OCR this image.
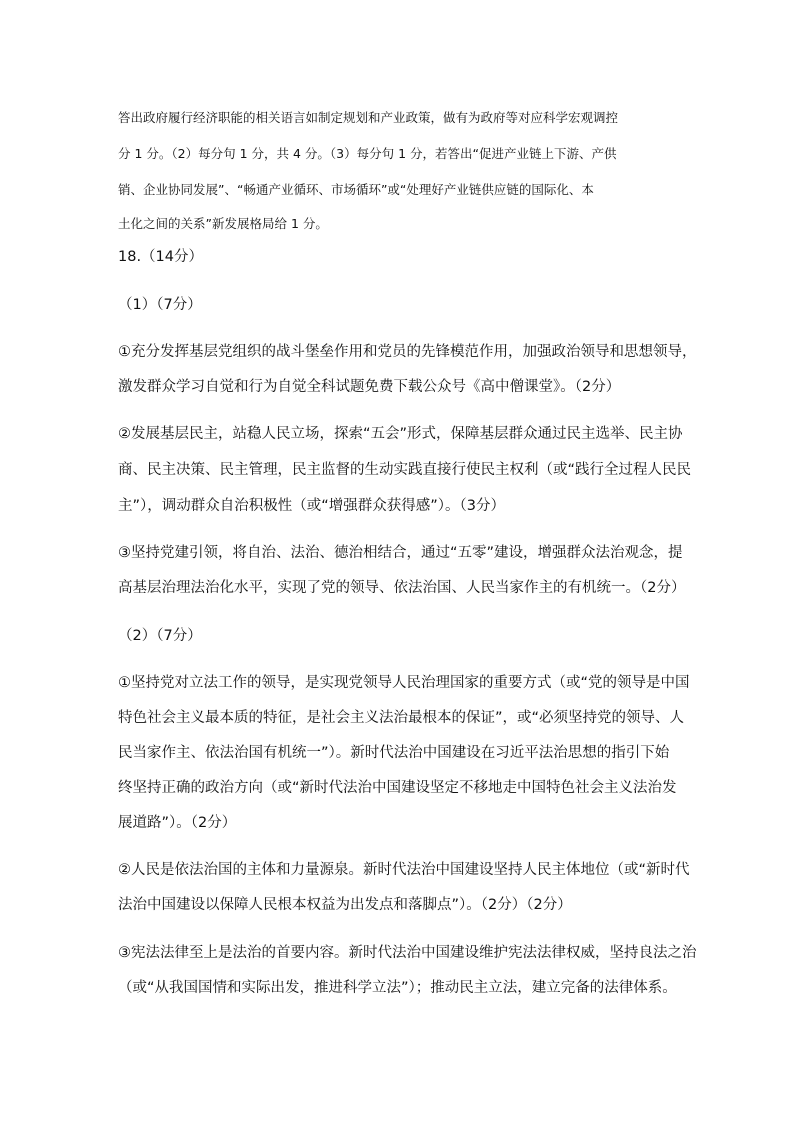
答出政府履行经济职能的相关语言如制定规划和产业政策，做有为政府等对应科学宏观调控
分 1 分。（2）每分句 1 分，共 4 分。（3）每分句 1 分，若答出“促进产业链上下游、产供
销、企业协同发展”、“畅通产业循环、市场循环”或“处理好产业链供应链的国际化、本
土化之间的关系”新发展格局给 1 分。
18.（14分）
（1）（7分）
①充分发挥基层党组织的战斗堡垒作用和党员的先锋模范作用，加强政治领导和思想领导，
激发群众学习自觉和行为自觉全科试题免费下载公众号《高中僧课堂》。（2分）
②发展基层民主，站稳人民立场，探索“五会”形式，保障基层群众通过民主选举、民主协
商、民主决策、民主管理，民主监督的生动实践直接行使民主权利（或“践行全过程人民民
主”），调动群众自治积极性（或“增强群众获得感”）。（3分）
③坚持党建引领，将自治、法治、德治相结合，通过“五零”建设，增强群众法治观念，提
高基层治理法治化水平，实现了党的领导、依法治国、人民当家作主的有机统一。（2分）
（2）（7分）
①坚持党对立法工作的领导，是实现党领导人民治理国家的重要方式（或“党的领导是中国
特色社会主义最本质的特征，是社会主义法治最根本的保证”，或“必须坚持党的领导、人
民当家作主、依法治国有机统一”）。新时代法治中国建设在习近平法治思想的指引下始
终坚持正确的政治方向（或“新时代法治中国建设坚定不移地走中国特色社会主义法治发
展道路”）。（2分）
②人民是依法治国的主体和力量源泉。新时代法治中国建设坚持人民主体地位（或“新时代
法治中国建设以保障人民根本权益为出发点和落脚点”）。（2分）（2分）
③宪法法律至上是法治的首要内容。新时代法治中国建设维护宪法法律权威，坚持良法之治
（或“从我国国情和实际出发，推进科学立法”）；推动民主立法，建立完备的法律体系。
